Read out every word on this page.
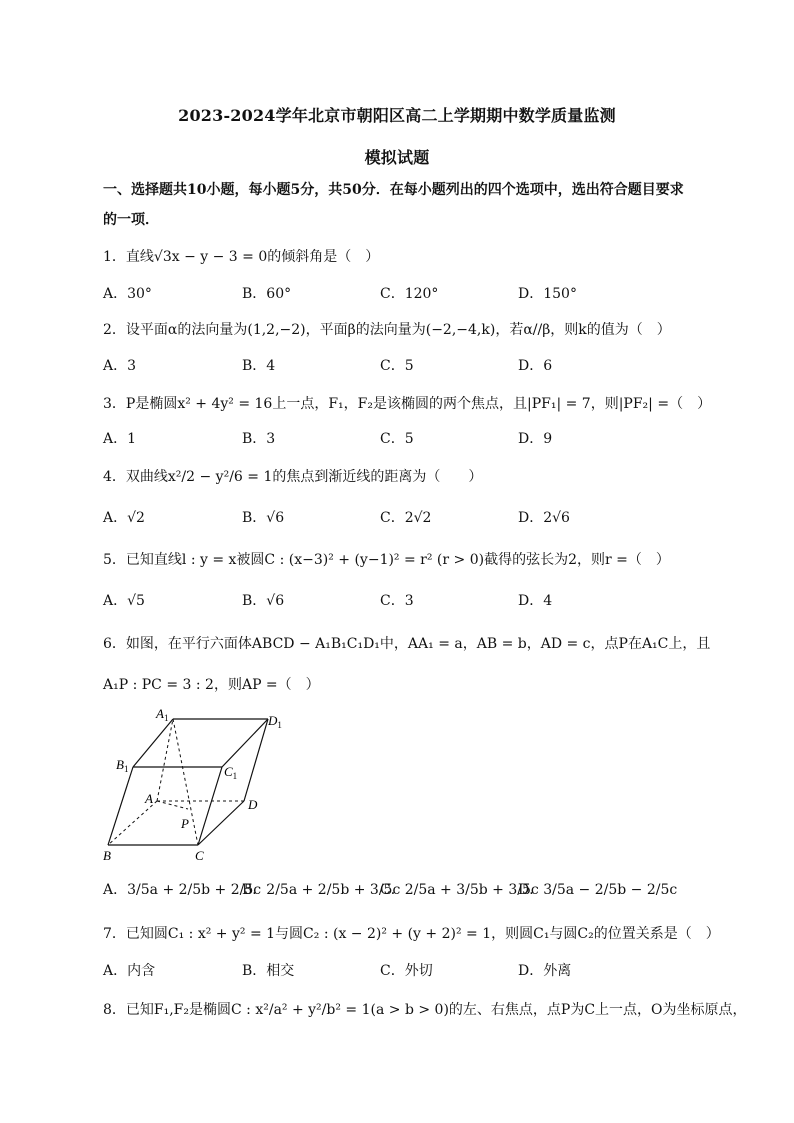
2023-2024学年北京市朝阳区高二上学期期中数学质量监测
模拟试题
一、选择题共10小题，每小题5分，共50分．在每小题列出的四个选项中，选出符合题目要求
的一项．
1．直线√3x − y − 3 = 0的倾斜角是（　）
A．30°	B．60°	C．120°	D．150°
2．设平面α的法向量为(1,2,−2)，平面β的法向量为(−2,−4,k)，若α//β，则k的值为（　）
A．3	B．4	C．5	D．6
3．P是椭圆x² + 4y² = 16上一点，F₁，F₂是该椭圆的两个焦点，且|PF₁| = 7，则|PF₂| =（　）
A．1	B．3	C．5	D．9
4．双曲线x²/2 − y²/6 = 1的焦点到渐近线的距离为（　　）
A．√2	B．√6	C．2√2	D．2√6
5．已知直线l : y = x被圆C : (x−3)² + (y−1)² = r² (r > 0)截得的弦长为2，则r =（　）
A．√5	B．√6	C．3	D．4
6．如图，在平行六面体ABCD − A₁B₁C₁D₁中，AA₁ = a，AB = b，AD = c，点P在A₁C上，且
A₁P : PC = 3 : 2，则AP =（　）
$A_1$	$D_1$
$B_1$	$C_1$
A	D
P
B	C
A．3/5a + 2/5b + 2/5c
B．2/5a + 2/5b + 3/5c
C．2/5a + 3/5b + 3/5c
D．3/5a − 2/5b − 2/5c
7．已知圆C₁ : x² + y² = 1与圆C₂ : (x − 2)² + (y + 2)² = 1，则圆C₁与圆C₂的位置关系是（　）
A．内含	B．相交	C．外切	D．外离
8．已知F₁,F₂是椭圆C : x²/a² + y²/b² = 1(a > b > 0)的左、右焦点，点P为C上一点，O为坐标原点，
